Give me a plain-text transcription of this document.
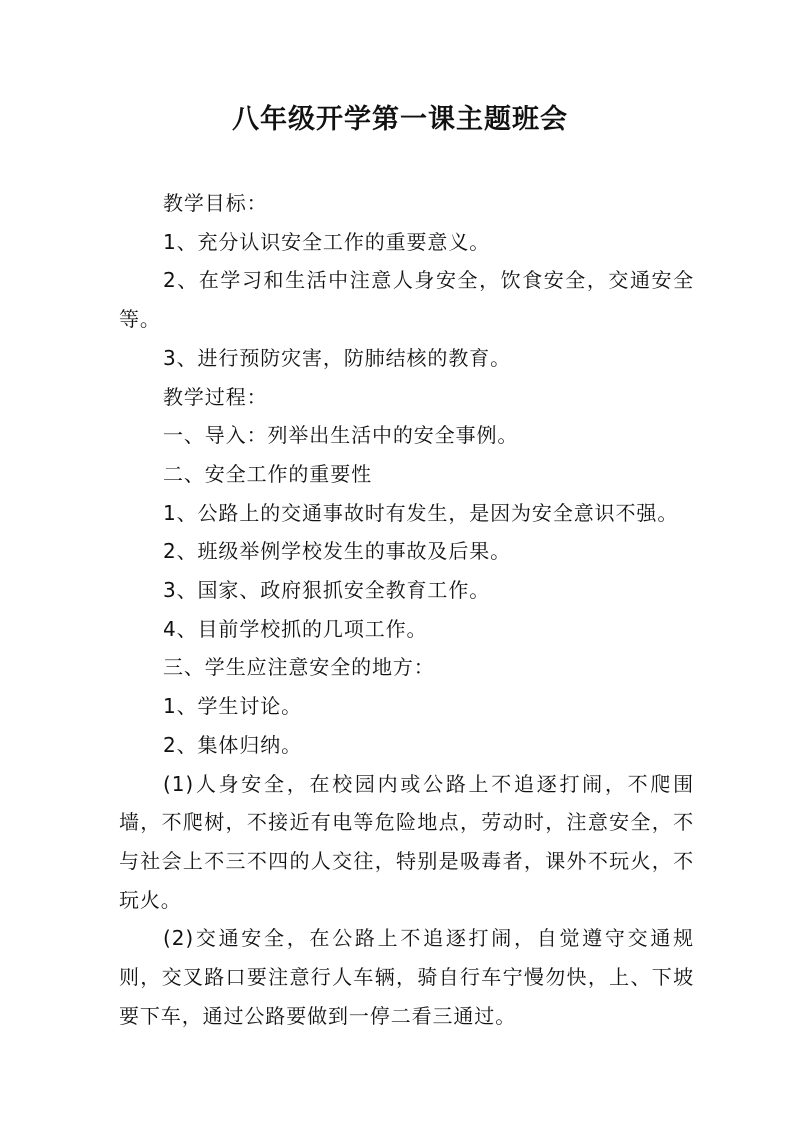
八年级开学第一课主题班会

教学目标：

1、充分认识安全工作的重要意义。

2、在学习和生活中注意人身安全，饮食安全，交通安全等。

3、进行预防灾害，防肺结核的教育。

教学过程：

一、导入：列举出生活中的安全事例。

二、安全工作的重要性

1、公路上的交通事故时有发生，是因为安全意识不强。

2、班级举例学校发生的事故及后果。

3、国家、政府狠抓安全教育工作。

4、目前学校抓的几项工作。

三、学生应注意安全的地方：

1、学生讨论。

2、集体归纳。

(1)人身安全，在校园内或公路上不追逐打闹，不爬围墙，不爬树，不接近有电等危险地点，劳动时，注意安全，不与社会上不三不四的人交往，特别是吸毒者，课外不玩火，不玩火。

(2)交通安全，在公路上不追逐打闹，自觉遵守交通规则，交叉路口要注意行人车辆，骑自行车宁慢勿快，上、下坡要下车，通过公路要做到一停二看三通过。
